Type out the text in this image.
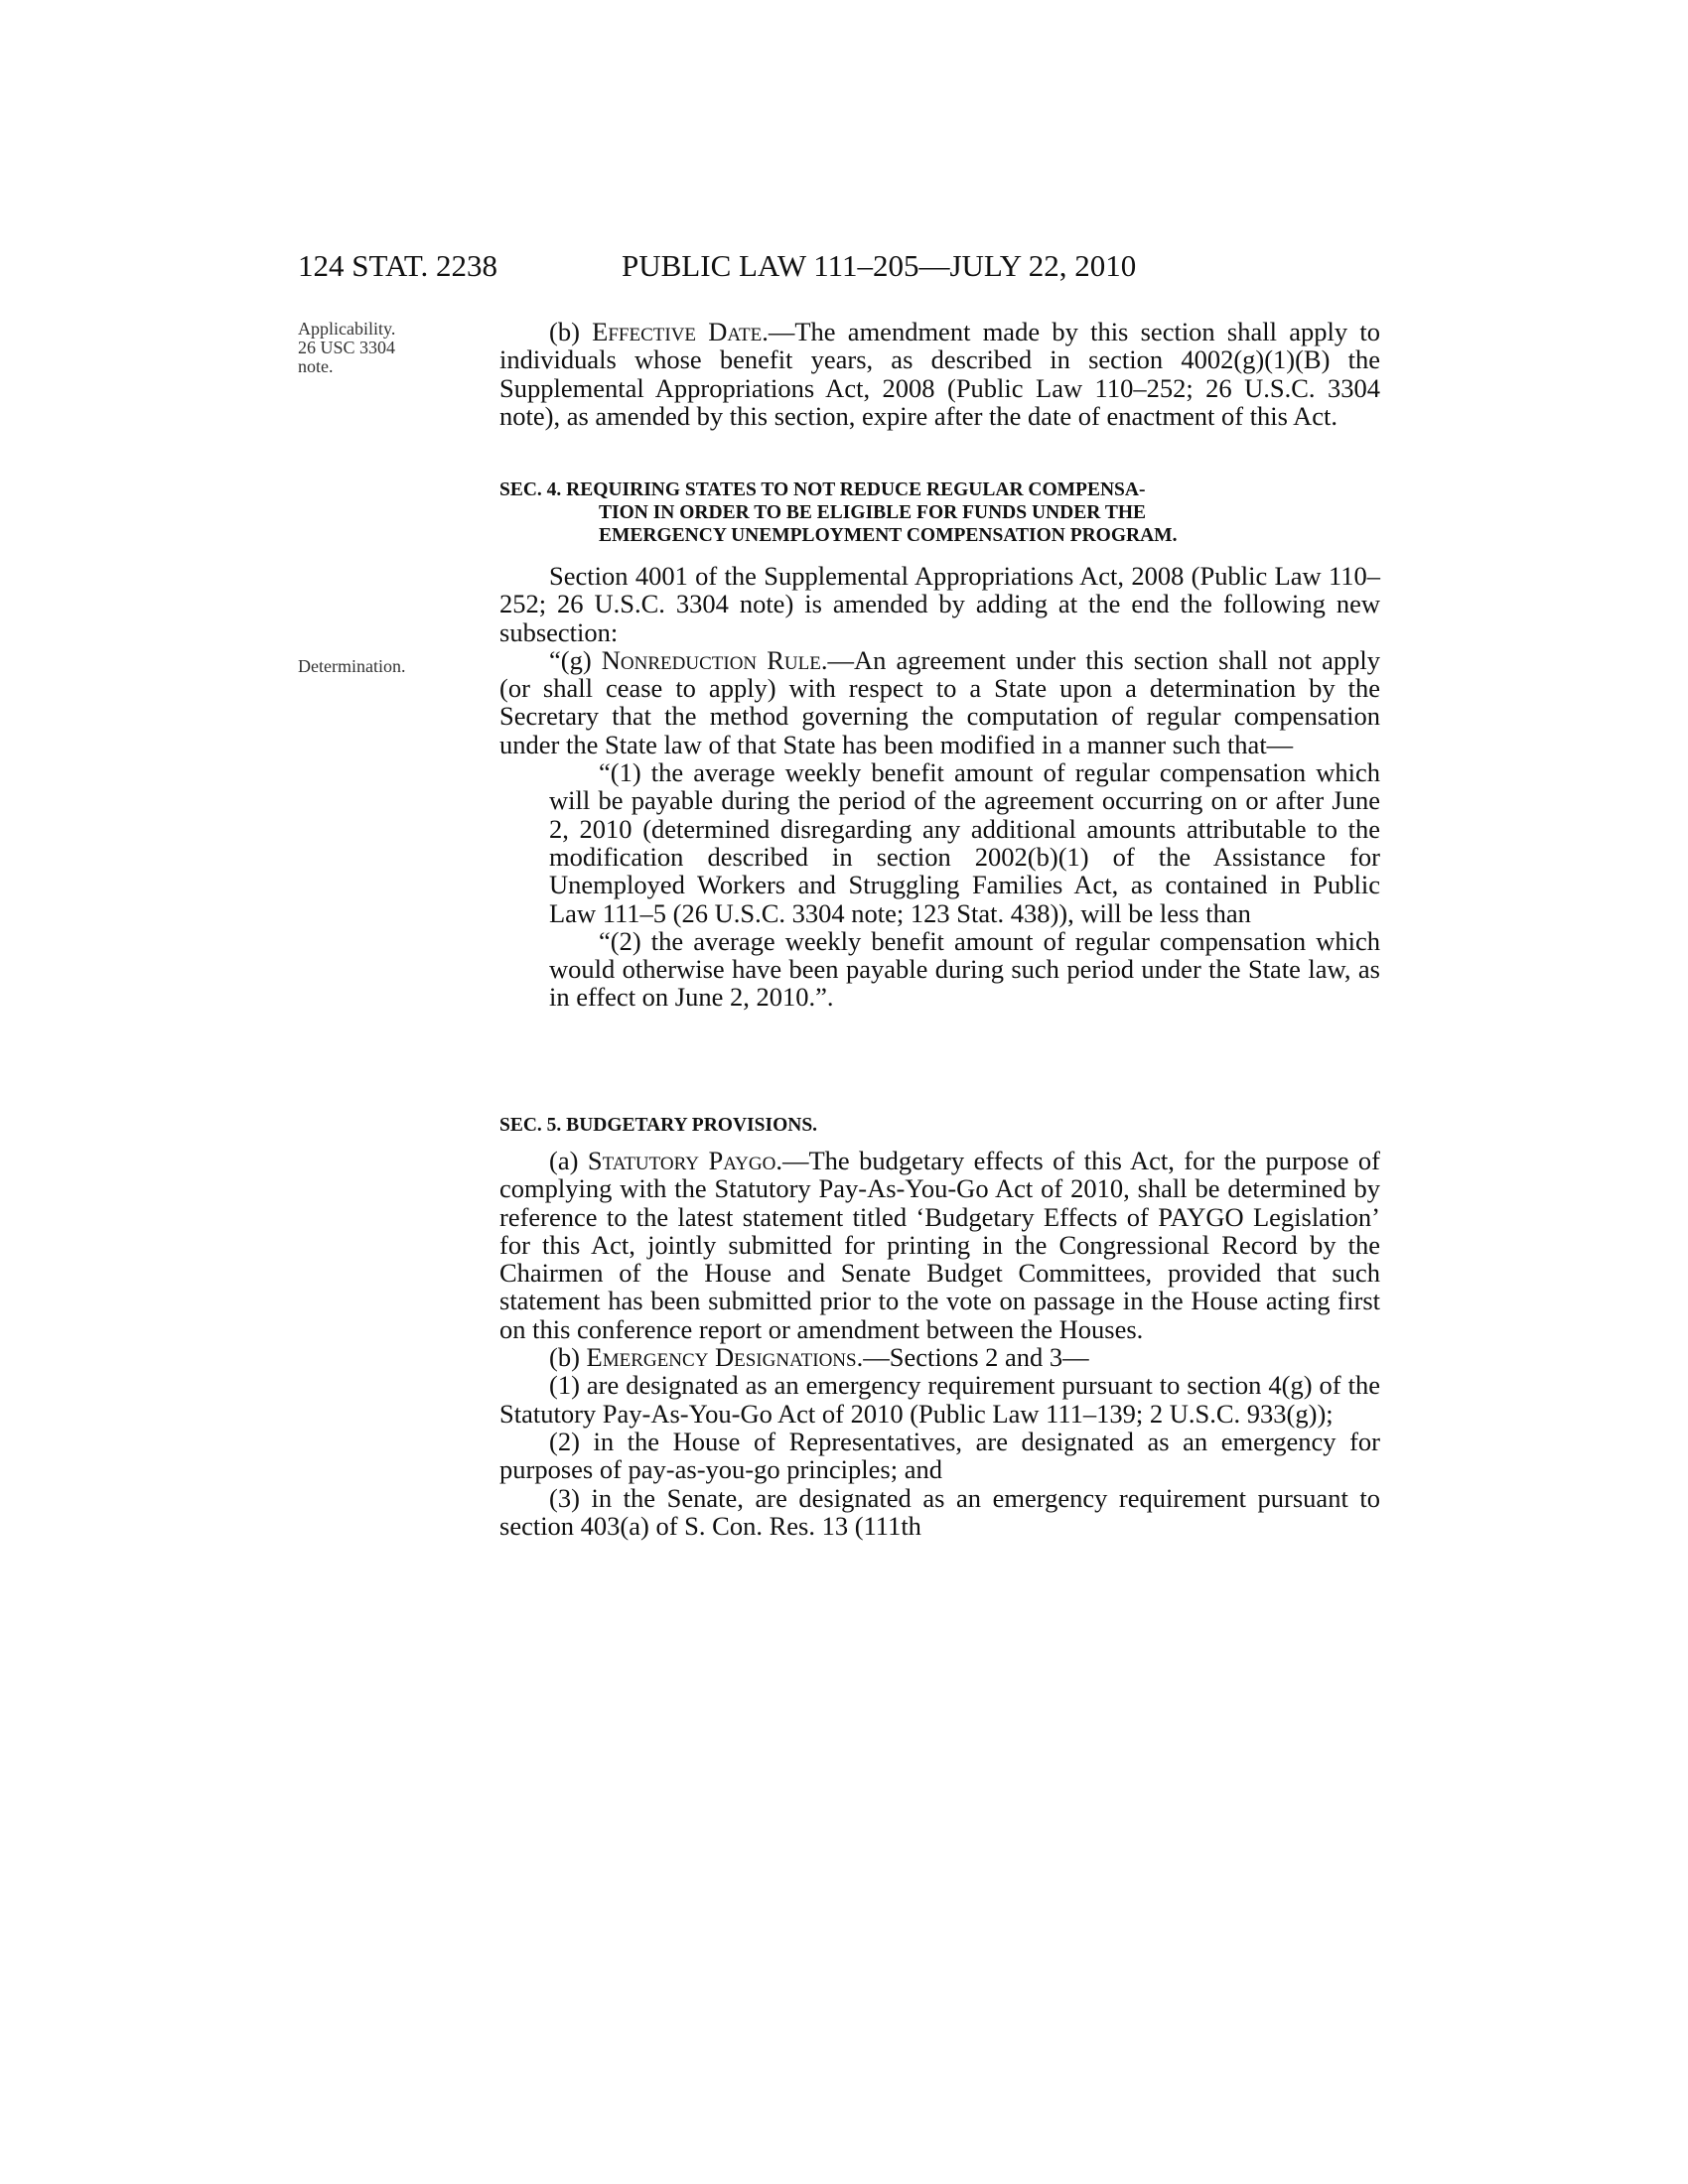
124 STAT. 2238	PUBLIC LAW 111–205—JULY 22, 2010
Applicability.
26 USC 3304
note.
Determination.

(b) Effective Date.—The amendment made by this section shall apply to individuals whose benefit years, as described in section 4002(g)(1)(B) the Supplemental Appropriations Act, 2008 (Public Law 110–252; 26 U.S.C. 3304 note), as amended by this section, expire after the date of enactment of this Act.

SEC. 4. REQUIRING STATES TO NOT REDUCE REGULAR COMPENSA-
TION IN ORDER TO BE ELIGIBLE FOR FUNDS UNDER THE
EMERGENCY UNEMPLOYMENT COMPENSATION PROGRAM.

Section 4001 of the Supplemental Appropriations Act, 2008 (Public Law 110–252; 26 U.S.C. 3304 note) is amended by adding at the end the following new subsection:

“(g) Nonreduction Rule.—An agreement under this section shall not apply (or shall cease to apply) with respect to a State upon a determination by the Secretary that the method governing the computation of regular compensation under the State law of that State has been modified in a manner such that—

“(1) the average weekly benefit amount of regular compensation which will be payable during the period of the agreement occurring on or after June 2, 2010 (determined disregarding any additional amounts attributable to the modification described in section 2002(b)(1) of the Assistance for Unemployed Workers and Struggling Families Act, as contained in Public Law 111–5 (26 U.S.C. 3304 note; 123 Stat. 438)), will be less than

“(2) the average weekly benefit amount of regular compensation which would otherwise have been payable during such period under the State law, as in effect on June 2, 2010.”.

SEC. 5. BUDGETARY PROVISIONS.

(a) Statutory Paygo.—The budgetary effects of this Act, for the purpose of complying with the Statutory Pay-As-You-Go Act of 2010, shall be determined by reference to the latest statement titled ‘Budgetary Effects of PAYGO Legislation’ for this Act, jointly submitted for printing in the Congressional Record by the Chairmen of the House and Senate Budget Committees, provided that such statement has been submitted prior to the vote on passage in the House acting first on this conference report or amendment between the Houses.

(b) Emergency Designations.—Sections 2 and 3—

(1) are designated as an emergency requirement pursuant to section 4(g) of the Statutory Pay-As-You-Go Act of 2010 (Public Law 111–139; 2 U.S.C. 933(g));

(2) in the House of Representatives, are designated as an emergency for purposes of pay-as-you-go principles; and

(3) in the Senate, are designated as an emergency requirement pursuant to section 403(a) of S. Con. Res. 13 (111th
